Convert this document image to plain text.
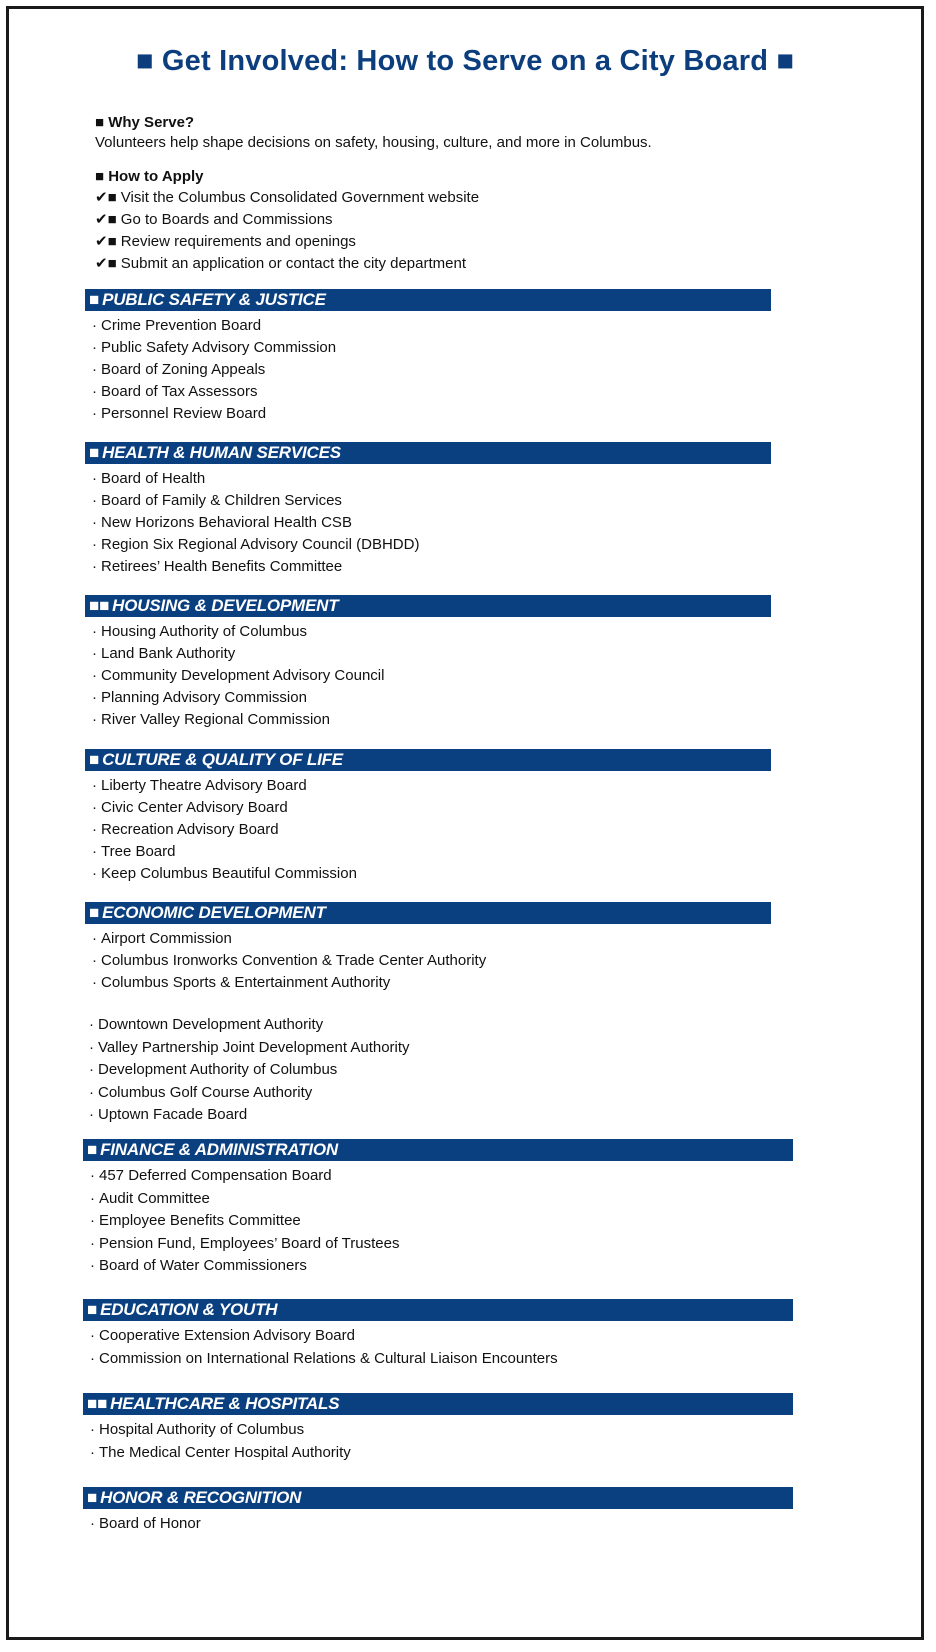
■ Get Involved: How to Serve on a City Board ■
■ Why Serve?
Volunteers help shape decisions on safety, housing, culture, and more in Columbus.
■ How to Apply
✔■ Visit the Columbus Consolidated Government website
✔■ Go to Boards and Commissions
✔■ Review requirements and openings
✔■ Submit an application or contact the city department
■ PUBLIC SAFETY & JUSTICE
· Crime Prevention Board
· Public Safety Advisory Commission
· Board of Zoning Appeals
· Board of Tax Assessors
· Personnel Review Board
■ HEALTH & HUMAN SERVICES
· Board of Health
· Board of Family & Children Services
· New Horizons Behavioral Health CSB
· Region Six Regional Advisory Council (DBHDD)
· Retirees’ Health Benefits Committee
■■ HOUSING & DEVELOPMENT
· Housing Authority of Columbus
· Land Bank Authority
· Community Development Advisory Council
· Planning Advisory Commission
· River Valley Regional Commission
■ CULTURE & QUALITY OF LIFE
· Liberty Theatre Advisory Board
· Civic Center Advisory Board
· Recreation Advisory Board
· Tree Board
· Keep Columbus Beautiful Commission
■ ECONOMIC DEVELOPMENT
· Airport Commission
· Columbus Ironworks Convention & Trade Center Authority
· Columbus Sports & Entertainment Authority
· Downtown Development Authority
· Valley Partnership Joint Development Authority
· Development Authority of Columbus
· Columbus Golf Course Authority
· Uptown Facade Board
■ FINANCE & ADMINISTRATION
· 457 Deferred Compensation Board
· Audit Committee
· Employee Benefits Committee
· Pension Fund, Employees’ Board of Trustees
· Board of Water Commissioners
■ EDUCATION & YOUTH
· Cooperative Extension Advisory Board
· Commission on International Relations & Cultural Liaison Encounters
■■ HEALTHCARE & HOSPITALS
· Hospital Authority of Columbus
· The Medical Center Hospital Authority
■ HONOR & RECOGNITION
· Board of Honor
